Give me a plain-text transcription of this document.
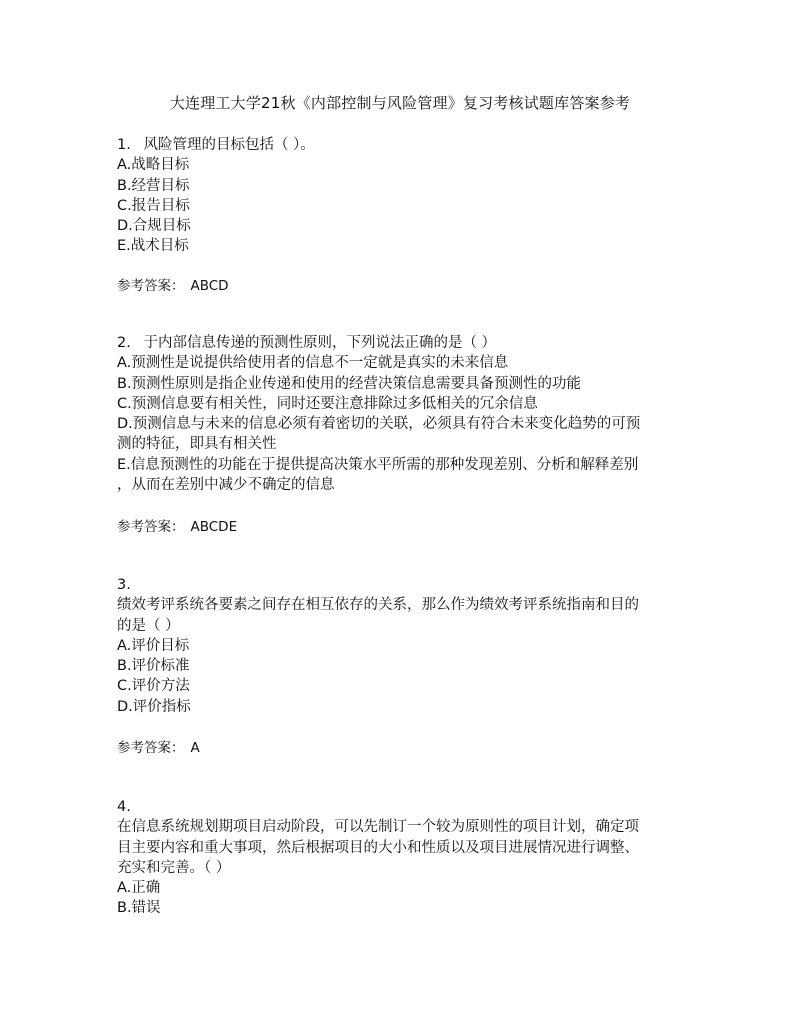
大连理工大学21秋《内部控制与风险管理》复习考核试题库答案参考
1. 风险管理的目标包括（ ）。
A.战略目标
B.经营目标
C.报告目标
D.合规目标
E.战术目标
参考答案： ABCD
2. 于内部信息传递的预测性原则，下列说法正确的是（ ）
A.预测性是说提供给使用者的信息不一定就是真实的未来信息
B.预测性原则是指企业传递和使用的经营决策信息需要具备预测性的功能
C.预测信息要有相关性，同时还要注意排除过多低相关的冗余信息
D.预测信息与未来的信息必须有着密切的关联，必须具有符合未来变化趋势的可预
测的特征，即具有相关性
E.信息预测性的功能在于提供提高决策水平所需的那种发现差别、分析和解释差别
，从而在差别中减少不确定的信息
参考答案： ABCDE
3.
绩效考评系统各要素之间存在相互依存的关系，那么作为绩效考评系统指南和目的
的是（ ）
A.评价目标
B.评价标准
C.评价方法
D.评价指标
参考答案： A
4.
在信息系统规划期项目启动阶段，可以先制订一个较为原则性的项目计划，确定项
目主要内容和重大事项，然后根据项目的大小和性质以及项目进展情况进行调整、
充实和完善。（ ）
A.正确
B.错误
